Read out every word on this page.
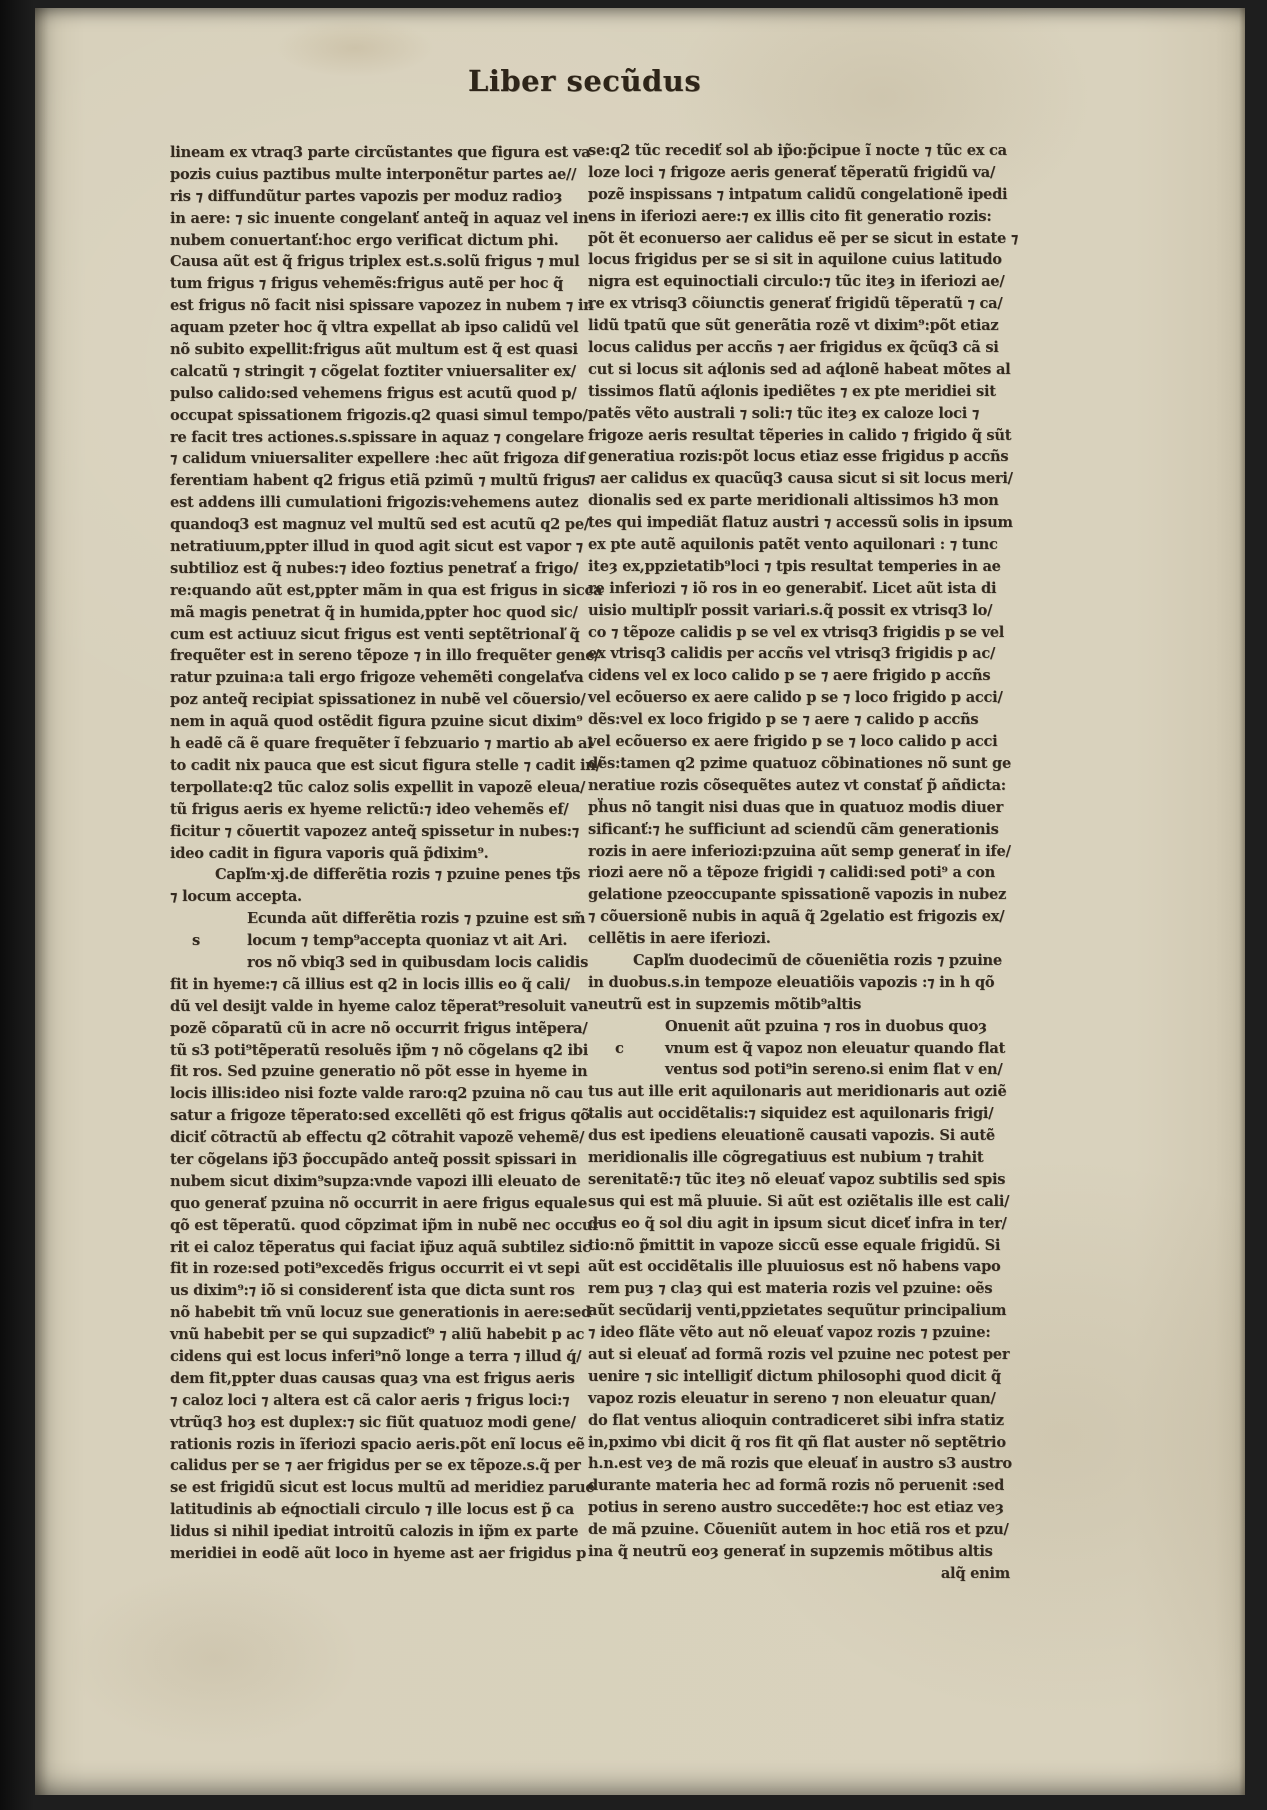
Liber secũdus
lineam ex vtraq3 parte circũstantes que figura est va
pozis cuius paztibus multe interponẽtur partes ae//
ris ⁊ diffundũtur partes vapozis per moduz radioȝ
in aere: ⁊ sic inuente congelanť anteq̃ in aquaz vel in
nubem conuertanť:hoc ergo verificat dictum phi.
Causa aũt est q̃ frigus triplex est.s.solũ frigus ⁊ mul
tum frigus ⁊ frigus vehemẽs:frigus autẽ per hoc q̃
est frigus nõ facit nisi spissare vapozez in nubem ⁊ in
aquam pzeter hoc q̃ vltra expellat ab ipso calidũ vel
nõ subito expellit:frigus aũt multum est q̃ est quasi
calcatũ ⁊ stringit ⁊ cõgelat foztiter vniuersaliter ex/
pulso calido:sed vehemens frigus est acutũ quod p/
occupat spissationem frigozis.q2 quasi simul tempo/
re facit tres actiones.s.spissare in aquaz ⁊ congelare
⁊ calidum vniuersaliter expellere :hec aũt frigoza dif
ferentiam habent q2 frigus etiã pzimũ ⁊ multũ frigus
est addens illi cumulationi frigozis:vehemens autez
quandoq3 est magnuz vel multũ sed est acutũ q2 pe/
netratiuum,ppter illud in quod agit sicut est vapor ⁊
subtilioz est q̃ nubes:⁊ ideo foztius penetrať a frigo/
re:quando aũt est,ppter mãm in qua est frigus in sicca
mã magis penetrat q̃ in humida,ppter hoc quod sic/
cum est actiuuz sicut frigus est venti septẽtrionaľ q̃
frequẽter est in sereno tẽpoze ⁊ in illo frequẽter gene/
ratur pzuina:a tali ergo frigoze vehemẽti congelaťva
poz anteq̃ recipiat spissationez in nubẽ vel cõuersio/
nem in aquã quod ostẽdit figura pzuine sicut dixim⁹
h eadẽ cã ẽ quare frequẽter ĩ febzuario ⁊ martio ab al
to cadit nix pauca que est sicut figura stelle ⁊ cadit in/
terpollate:q2 tũc caloz solis expellit in vapozẽ eleua/
tũ frigus aeris ex hyeme relictũ:⁊ ideo vehemẽs ef/
ficitur ⁊ cõuertit vapozez anteq̃ spissetur in nubes:⁊
ideo cadit in figura vaporis quã p̃dixim⁹.
Capľm·xj.de differẽtia rozis ⁊ pzuine penes tp̃s
⁊ locum accepta.
Ecunda aũt differẽtia rozis ⁊ pzuine est sm̃
s	locum ⁊ temp⁹accepta quoniaz vt ait Ari.
ros nõ vbiq3 sed in quibusdam locis calidis
fit in hyeme:⁊ cã illius est q2 in locis illis eo q̃ cali/
dũ vel desijt valde in hyeme caloz tẽperat⁹resoluit va
pozẽ cõparatũ cũ in acre nõ occurrit frigus intẽpera/
tũ s3 poti⁹tẽperatũ resoluẽs ip̃m ⁊ nõ cõgelans q2 ibi
fit ros. Sed pzuine generatio nõ põt esse in hyeme in
locis illis:ideo nisi fozte valde raro:q2 pzuina nõ cau
satur a frigoze tẽperato:sed excellẽti qõ est frigus qõ
diciť cõtractũ ab effectu q2 cõtrahit vapozẽ vehemẽ/
ter cõgelans ip̃3 p̃occupãdo anteq̃ possit spissari in
nubem sicut dixim⁹supza:vnde vapozi illi eleuato de
quo generať pzuina nõ occurrit in aere frigus equale
qõ est tẽperatũ. quod cõpzimat ip̃m in nubẽ nec occur
rit ei caloz tẽperatus qui faciat ip̃uz aquã subtilez sic
fit in roze:sed poti⁹excedẽs frigus occurrit ei vt sepi
us dixim⁹:⁊ iõ si considerenť ista que dicta sunt ros
nõ habebit tm̃ vnũ locuz sue generationis in aere:sed
vnũ habebit per se qui supzadicť⁹ ⁊ aliũ habebit p ac
cidens qui est locus inferi⁹nõ longe a terra ⁊ illud q́/
dem fit,ppter duas causas quaȝ vna est frigus aeris
⁊ caloz loci ⁊ altera est cã calor aeris ⁊ frigus loci:⁊
vtrũq3 hoȝ est duplex:⁊ sic fiũt quatuoz modi gene/
rationis rozis in ĩferiozi spacio aeris.põt enĩ locus eẽ
calidus per se ⁊ aer frigidus per se ex tẽpoze.s.q̃ per
se est frigidũ sicut est locus multũ ad meridiez parue
latitudinis ab eq́noctiali circulo ⁊ ille locus est p̃ ca
lidus si nihil ipediat introitũ calozis in ip̃m ex parte
meridiei in eodẽ aũt loco in hyeme ast aer frigidus p
se:q2 tũc recediť sol ab ip̃o:p̃cipue ĩ nocte ⁊ tũc ex ca
loze loci ⁊ frigoze aeris generať tẽperatũ frigidũ va/
pozẽ inspissans ⁊ intpatum calidũ congelationẽ ipedi
ens in iferiozi aere:⁊ ex illis cito fit generatio rozis:
põt ẽt econuerso aer calidus eẽ per se sicut in estate ⁊
locus frigidus per se si sit in aquilone cuius latitudo
nigra est equinoctiali circulo:⁊ tũc iteȝ in iferiozi ae/
re ex vtrisq3 cõiunctis generať frigidũ tẽperatũ ⁊ ca/
lidũ tpatũ que sũt generãtia rozẽ vt dixim⁹:põt etiaz
locus calidus per accñs ⁊ aer frigidus ex q̃cũq3 cã si
cut si locus sit aq́lonis sed ad aq́lonẽ habeat mõtes al
tissimos flatũ aq́lonis ipediẽtes ⁊ ex pte meridiei sit
patẽs vẽto australi ⁊ soli:⁊ tũc iteȝ ex caloze loci ⁊
frigoze aeris resultat tẽperies in calido ⁊ frigido q̃ sũt
generatiua rozis:põt locus etiaz esse frigidus p accñs
⁊ aer calidus ex quacũq3 causa sicut si sit locus meri/
dionalis sed ex parte meridionali altissimos h3 mon
tes qui impediãt flatuz austri ⁊ accessũ solis in ipsum
ex pte autẽ aquilonis patẽt vento aquilonari : ⁊ tunc
iteȝ ex,ppzietatib⁹loci ⁊ tpis resultat temperies in ae
re inferiozi ⁊ iõ ros in eo generabiť. Licet aũt ista di
uisio multipľr possit variari.s.q̃ possit ex vtrisq3 lo/
co ⁊ tẽpoze calidis p se vel ex vtrisq3 frigidis p se vel
ex vtrisq3 calidis per accñs vel vtrisq3 frigidis p ac/
cidens vel ex loco calido p se ⁊ aere frigido p accñs
vel ecõuerso ex aere calido p se ⁊ loco frigido p acci/
dẽs:vel ex loco frigido p se ⁊ aere ⁊ calido p accñs
vel ecõuerso ex aere frigido p se ⁊ loco calido p acci
dẽs:tamen q2 pzime quatuoz cõbinationes nõ sunt ge
neratiue rozis cõsequẽtes autez vt constať p̃ añdicta:
pḧus nõ tangit nisi duas que in quatuoz modis diuer
sificanť:⁊ he sufficiunt ad sciendũ cãm generationis
rozis in aere inferiozi:pzuina aũt semp generať in ife/
riozi aere nõ a tẽpoze frigidi ⁊ calidi:sed poti⁹ a con
gelatione pzeoccupante spissationẽ vapozis in nubez
⁊ cõuersionẽ nubis in aquã q̃ 2gelatio est frigozis ex/
cellẽtis in aere iferiozi.
Capľm duodecimũ de cõueniẽtia rozis ⁊ pzuine
in duobus.s.in tempoze eleuatiõis vapozis :⁊ in h qõ
neutrũ est in supzemis mõtib⁹altis
Onuenit aũt pzuina ⁊ ros in duobus quoȝ
c	vnum est q̃ vapoz non eleuatur quando flat
ventus sod poti⁹in sereno.si enim flat v en/
tus aut ille erit aquilonaris aut meridionaris aut oziẽ
talis aut occidẽtalis:⁊ siquidez est aquilonaris frigi/
dus est ipediens eleuationẽ causati vapozis. Si autẽ
meridionalis ille cõgregatiuus est nubium ⁊ trahit
serenitatẽ:⁊ tũc iteȝ nõ eleuať vapoz subtilis sed spis
sus qui est mã pluuie. Si aũt est oziẽtalis ille est cali/
dus eo q̃ sol diu agit in ipsum sicut diceť infra in ter/
tio:nõ p̃mittit in vapoze siccũ esse equale frigidũ. Si
aũt est occidẽtalis ille pluuiosus est nõ habens vapo
rem puȝ ⁊ claȝ qui est materia rozis vel pzuine: oẽs
aũt secũdarij venti,ppzietates sequũtur principalium
⁊ ideo flãte vẽto aut nõ eleuať vapoz rozis ⁊ pzuine:
aut si eleuať ad formã rozis vel pzuine nec potest per
uenire ⁊ sic intelligiť dictum philosophi quod dicit q̃
vapoz rozis eleuatur in sereno ⁊ non eleuatur quan/
do flat ventus alioquin contradiceret sibi infra statiz
in,pximo vbi dicit q̃ ros fit qñ flat auster nõ septẽtrio
h.n.est veȝ de mã rozis que eleuať in austro s3 austro
durante materia hec ad formã rozis nõ peruenit :sed
potius in sereno austro succedẽte:⁊ hoc est etiaz veȝ
de mã pzuine. Cõueniũt autem in hoc etiã ros et pzu/
ina q̃ neutrũ eoȝ generať in supzemis mõtibus altis
alq̃ enim
